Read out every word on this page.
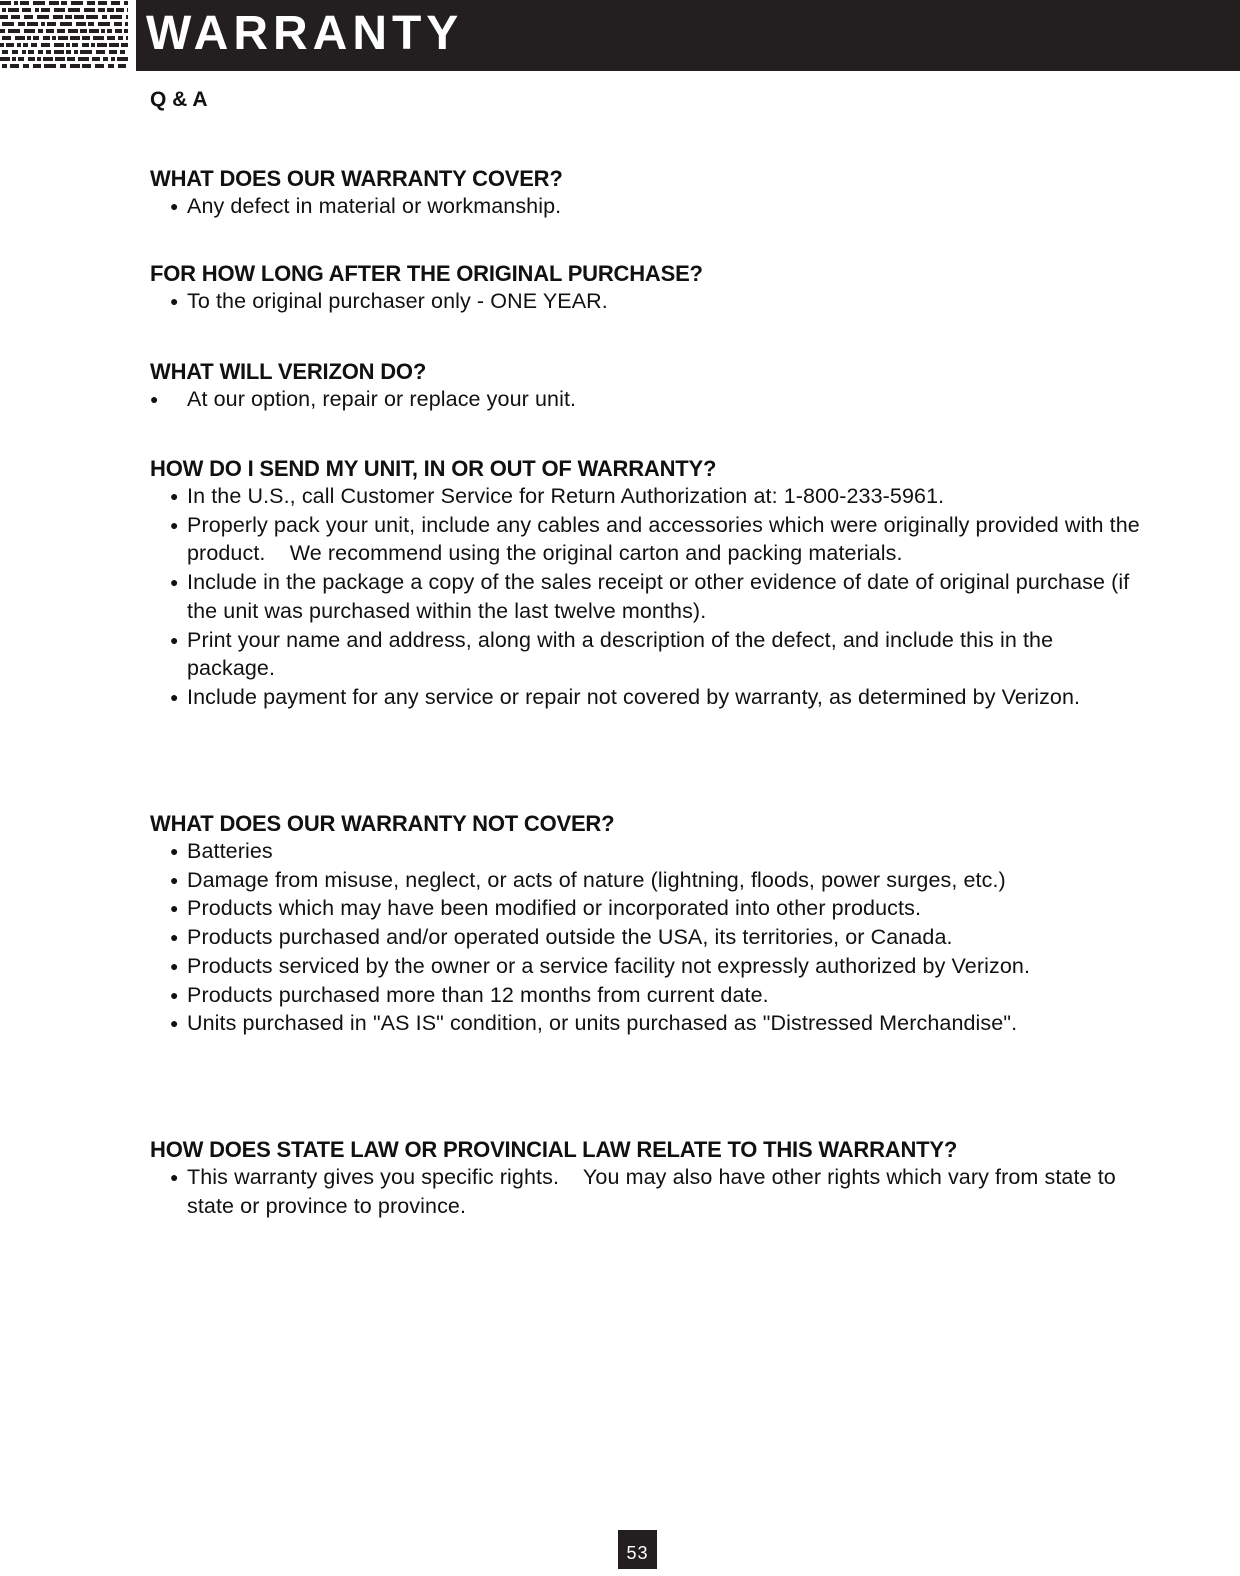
WARRANTY
Q & A
WHAT DOES OUR WARRANTY COVER?
● Any defect in material or workmanship.
FOR HOW LONG AFTER THE ORIGINAL PURCHASE?
● To the original purchaser only - ONE YEAR.
WHAT WILL VERIZON DO?
● At our option, repair or replace your unit.
HOW DO I SEND MY UNIT, IN OR OUT OF WARRANTY?
● In the U.S., call Customer Service for Return Authorization at: 1-800-233-5961.
● Properly pack your unit, include any cables and accessories which were originally provided with the product.    We recommend using the original carton and packing materials.
● Include in the package a copy of the sales receipt or other evidence of date of original purchase (if the unit was purchased within the last twelve months).
● Print your name and address, along with a description of the defect, and include this in the package.
● Include payment for any service or repair not covered by warranty, as determined by Verizon.
WHAT DOES OUR WARRANTY NOT COVER?
● Batteries
● Damage from misuse, neglect, or acts of nature (lightning, floods, power surges, etc.)
● Products which may have been modified or incorporated into other products.
● Products purchased and/or operated outside the USA, its territories, or Canada.
● Products serviced by the owner or a service facility not expressly authorized by Verizon.
● Products purchased more than 12 months from current date.
● Units purchased in "AS IS" condition, or units purchased as "Distressed Merchandise".
HOW DOES STATE LAW OR PROVINCIAL LAW RELATE TO THIS WARRANTY?
● This warranty gives you specific rights.    You may also have other rights which vary from state to state or province to province.
53
